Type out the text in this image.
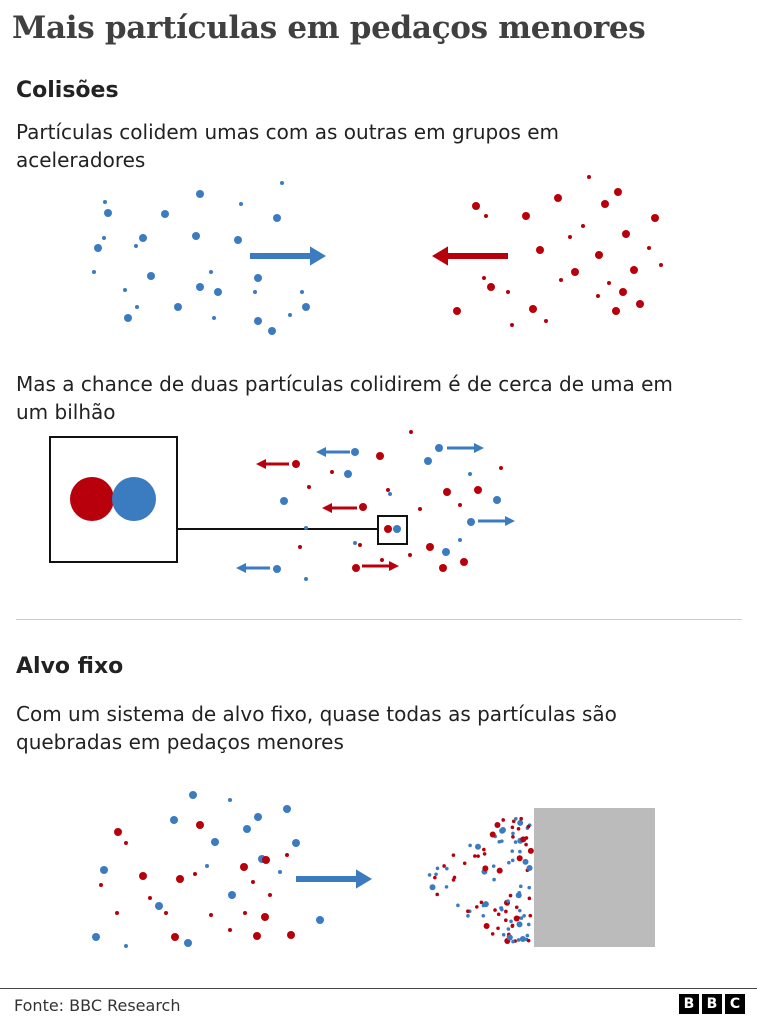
Mais partículas em pedaços menores
Colisões

Partículas colidem umas com as outras em grupos em
aceleradores

Mas a chance de duas partículas colidirem é de cerca de uma em
um bilhão

Alvo fixo

Com um sistema de alvo fixo, quase todas as partículas são
quebradas em pedaços menores

Fonte: BBC Research	B B C
